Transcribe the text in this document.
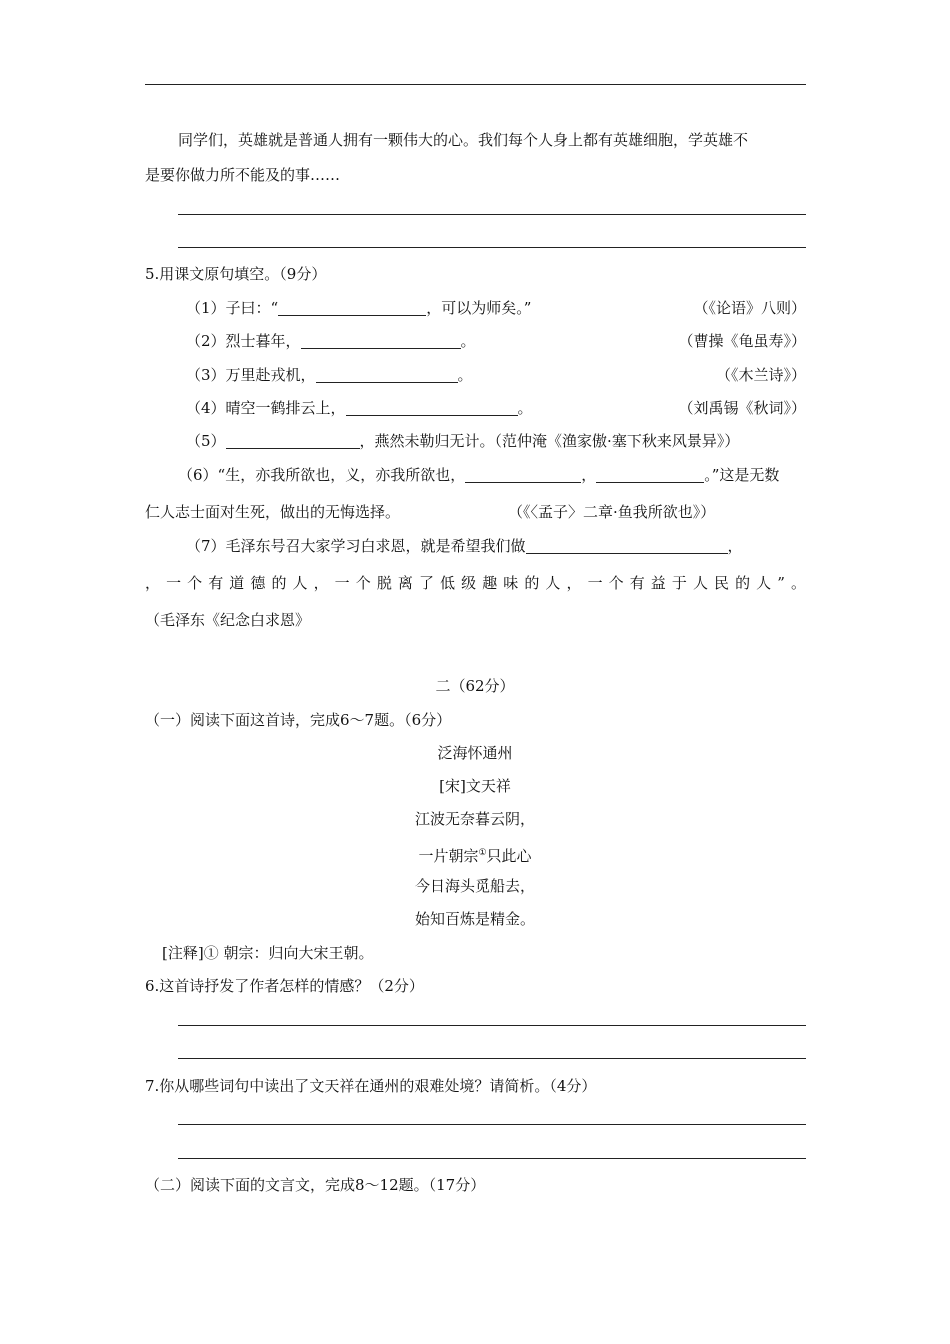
同学们，英雄就是普通人拥有一颗伟大的心。我们每个人身上都有英雄细胞，学英雄不
是要你做力所不能及的事……
5.用课文原句填空。（9分）
（1）子曰：“	，可以为师矣。”	（《论语》八则）
（2）烈士暮年，	。	（曹操《龟虽寿》）
（3）万里赴戎机，	。	（《木兰诗》）
（4）晴空一鹤排云上，	。	（刘禹锡《秋词》）
（5）	，燕然未勒归无计。（范仲淹《渔家傲·塞下秋来风景异》）
（6）“生，亦我所欲也，义，亦我所欲也，	，	。”这是无数
仁人志士面对生死，做出的无悔选择。	（《〈孟子〉二章·鱼我所欲也》）
（7）毛泽东号召大家学习白求恩，就是希望我们做	，
，一个有道德的人，一个脱离了低级趣味的人，一个有益于人民的人”。
（毛泽东《纪念白求恩》
二（62分）
（一）阅读下面这首诗，完成6～7题。（6分）
泛海怀通州
[宋]文天祥
江波无奈暮云阴，
一片朝宗①只此心
今日海头觅船去，
始知百炼是精金。
[注释]① 朝宗：归向大宋王朝。
6.这首诗抒发了作者怎样的情感？（2分）
7.你从哪些词句中读出了文天祥在通州的艰难处境？请简析。（4分）
（二）阅读下面的文言文，完成8～12题。（17分）
